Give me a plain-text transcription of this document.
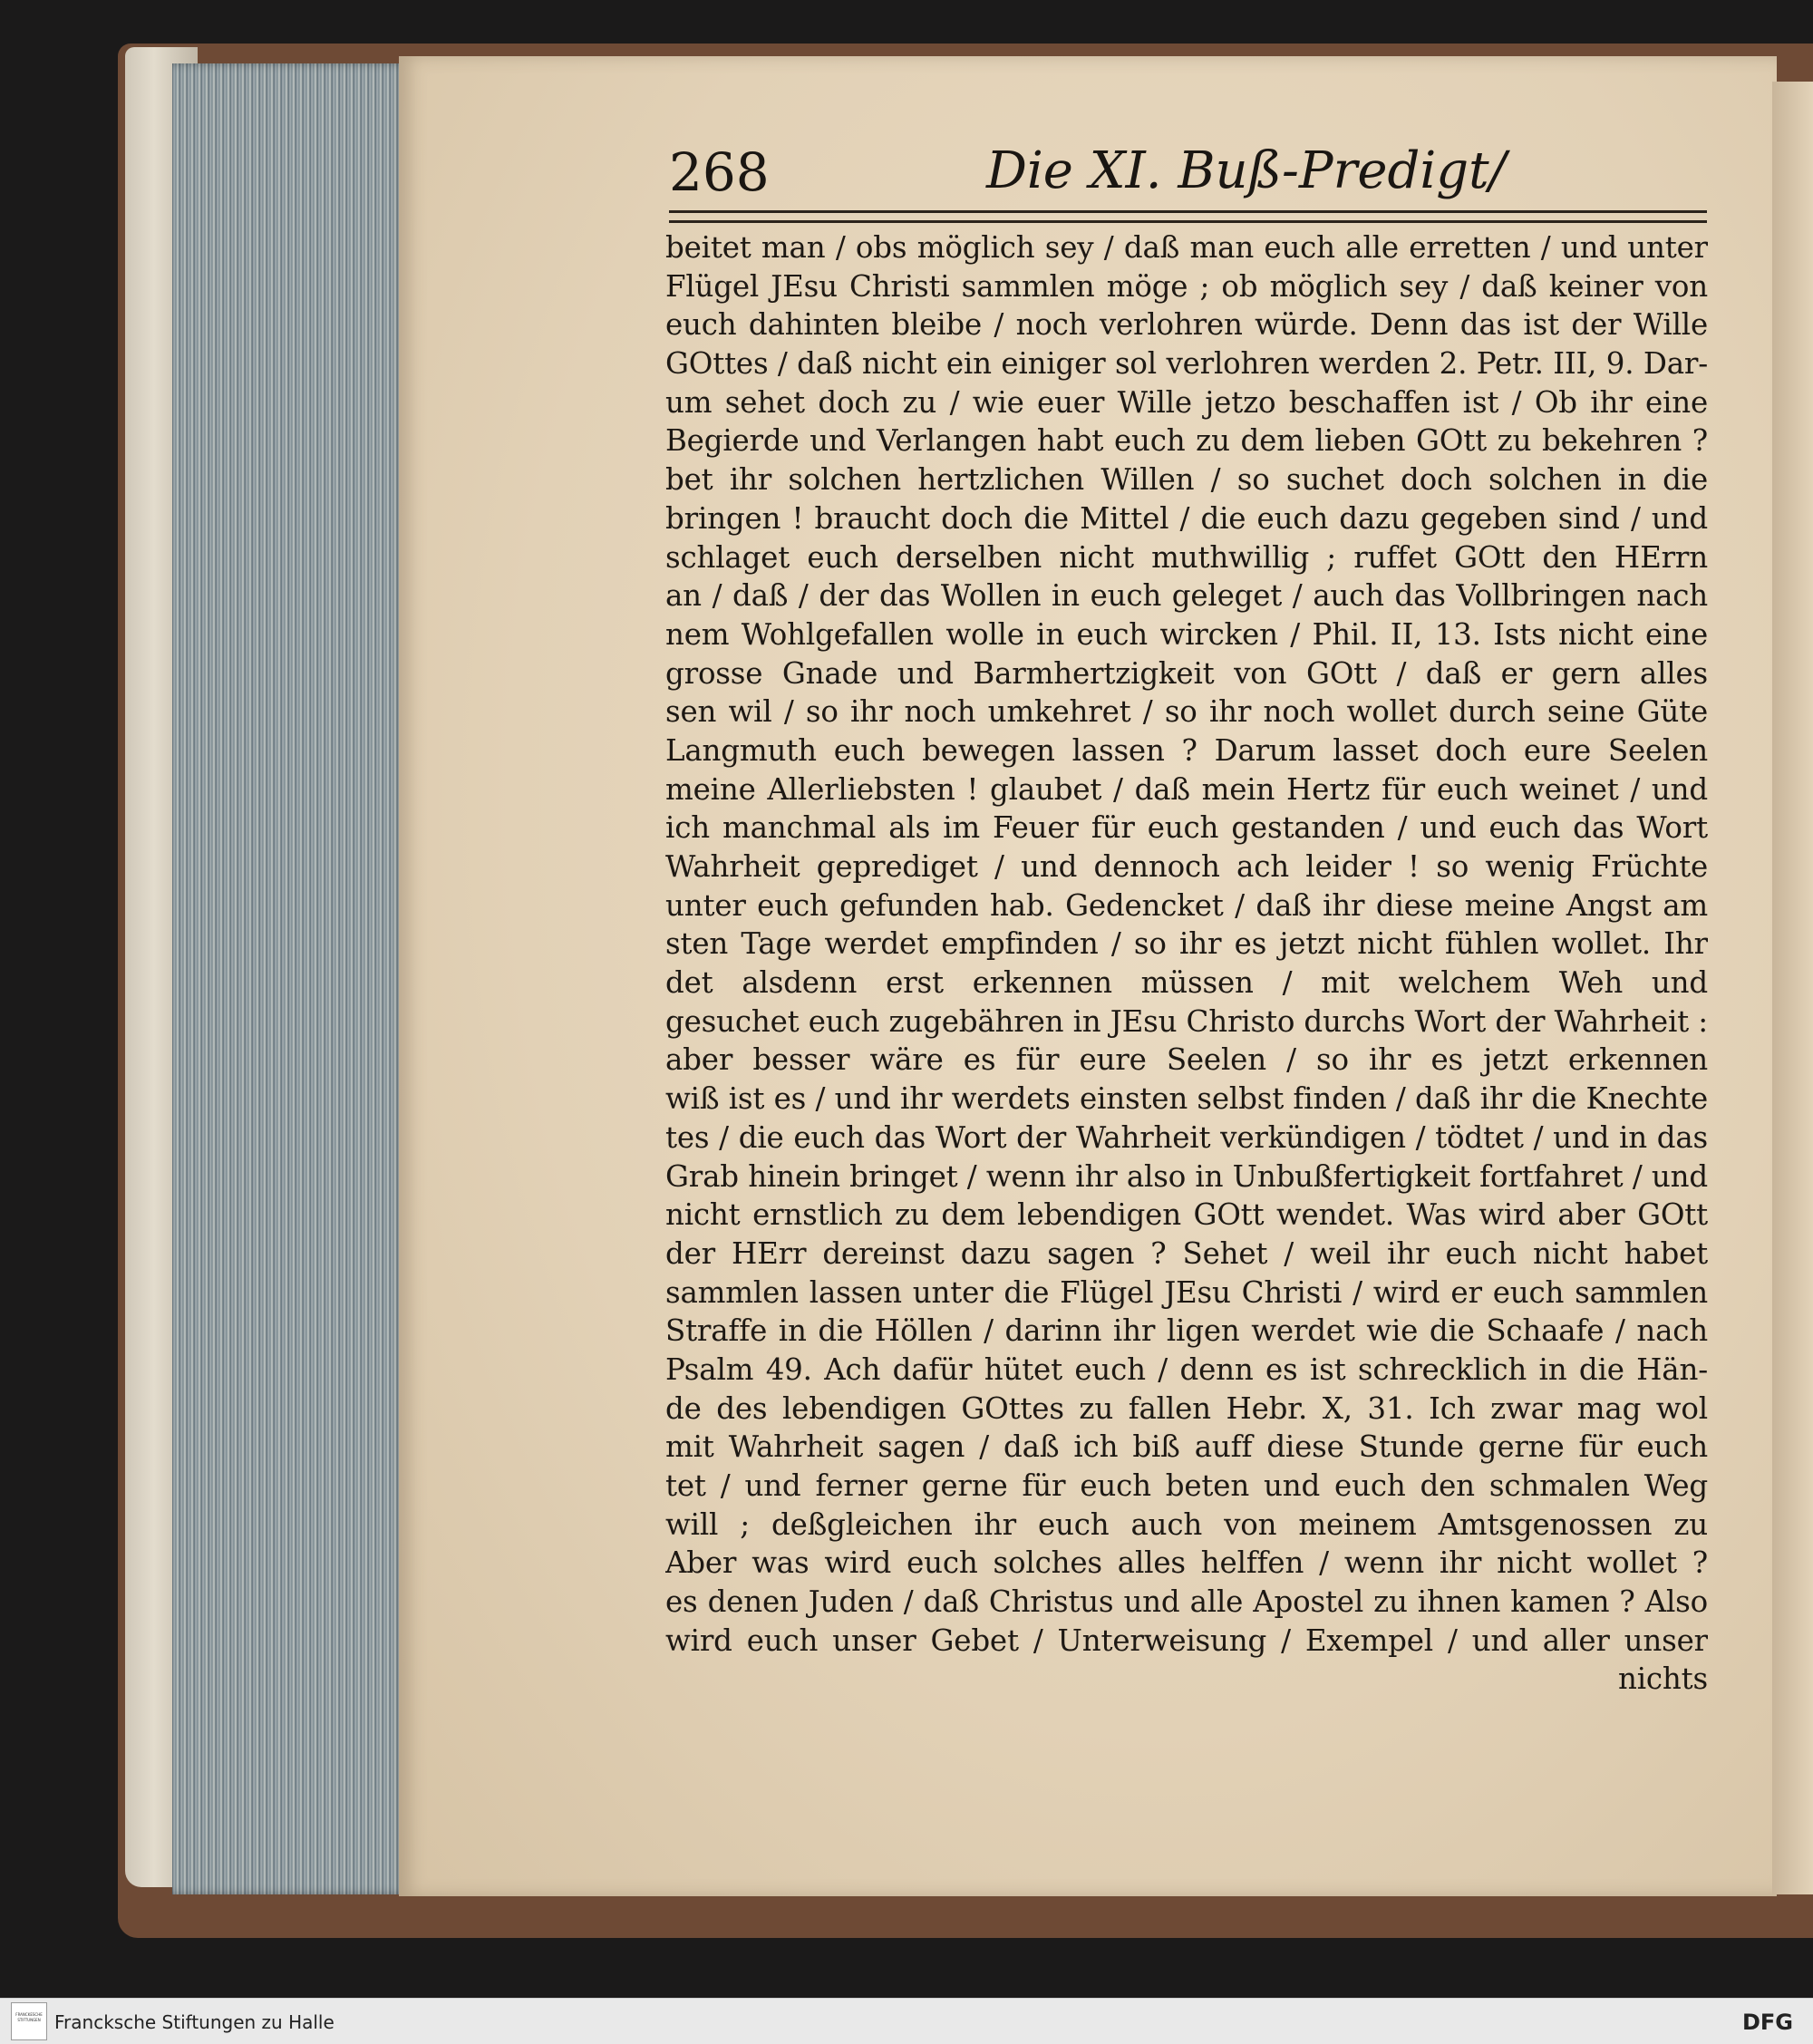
268	Die XI. Buß-Predigt/
beitet man / obs möglich sey / daß man euch alle erretten / und unter
Flügel JEsu Christi sammlen möge ; ob möglich sey / daß keiner von
euch dahinten bleibe / noch verlohren würde. Denn das ist der Wille
GOttes / daß nicht ein einiger sol verlohren werden 2. Petr. III, 9. Dar-
um sehet doch zu / wie euer Wille jetzo beschaffen ist / Ob ihr eine
Begierde und Verlangen habt euch zu dem lieben GOtt zu bekehren ?
bet ihr solchen hertzlichen Willen / so suchet doch solchen in die
bringen ! braucht doch die Mittel / die euch dazu gegeben sind / und
schlaget euch derselben nicht muthwillig ; ruffet GOtt den HErrn
an / daß / der das Wollen in euch geleget / auch das Vollbringen nach
nem Wohlgefallen wolle in euch wircken / Phil. II, 13. Ists nicht eine
grosse Gnade und Barmhertzigkeit von GOtt / daß er gern alles
sen wil / so ihr noch umkehret / so ihr noch wollet durch seine Güte
Langmuth euch bewegen lassen ? Darum lasset doch eure Seelen
meine Allerliebsten ! glaubet / daß mein Hertz für euch weinet / und
ich manchmal als im Feuer für euch gestanden / und euch das Wort
Wahrheit geprediget / und dennoch ach leider ! so wenig Früchte
unter euch gefunden hab. Gedencket / daß ihr diese meine Angst am
sten Tage werdet empfinden / so ihr es jetzt nicht fühlen wollet. Ihr
det alsdenn erst erkennen müssen / mit welchem Weh und
gesuchet euch zugebähren in JEsu Christo durchs Wort der Wahrheit :
aber besser wäre es für eure Seelen / so ihr es jetzt erkennen
wiß ist es / und ihr werdets einsten selbst finden / daß ihr die Knechte
tes / die euch das Wort der Wahrheit verkündigen / tödtet / und in das
Grab hinein bringet / wenn ihr also in Unbußfertigkeit fortfahret / und
nicht ernstlich zu dem lebendigen GOtt wendet. Was wird aber GOtt
der HErr dereinst dazu sagen ? Sehet / weil ihr euch nicht habet
sammlen lassen unter die Flügel JEsu Christi / wird er euch sammlen
Straffe in die Höllen / darinn ihr ligen werdet wie die Schaafe / nach
Psalm 49. Ach dafür hütet euch / denn es ist schrecklich in die Hän-
de des lebendigen GOttes zu fallen Hebr. X, 31. Ich zwar mag wol
mit Wahrheit sagen / daß ich biß auff diese Stunde gerne für euch
tet / und ferner gerne für euch beten und euch den schmalen Weg
will ; deßgleichen ihr euch auch von meinem Amtsgenossen zu
Aber was wird euch solches alles helffen / wenn ihr nicht wollet ?
es denen Juden / daß Christus und alle Apostel zu ihnen kamen ? Also
wird euch unser Gebet / Unterweisung / Exempel / und aller unser
nichts
FRANCKESCHE STIFTUNGEN Francksche Stiftungen zu Halle	DFG
